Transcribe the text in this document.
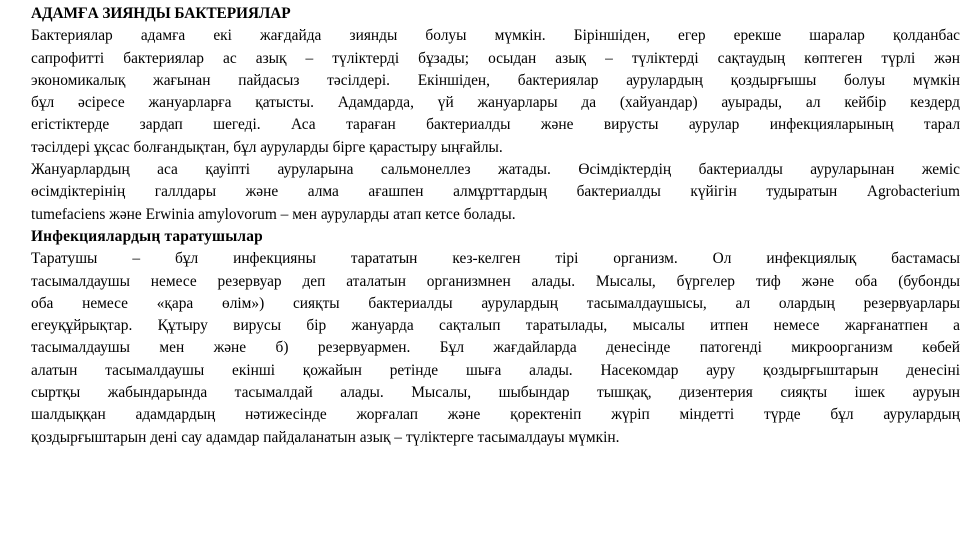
АДАМҒА ЗИЯНДЫ БАКТЕРИЯЛАР
Бактериялар адамға екі жағдайда зиянды болуы мүмкін. Біріншіден, егер ерекше шаралар қолданбас
сапрофитті бактериялар ас азық – түліктерді бұзады; осыдан азық – түліктерді сақтаудың көптеген түрлі жән
экономикалық жағынан пайдасыз тәсілдері. Екіншіден, бактериялар аурулардың қоздырғышы болуы мүмкін
бұл әсіресе жануарларға қатысты. Адамдарда, үй жануарлары да (хайуандар) ауырады, ал кейбір кездерд
егістіктерде зардап шегеді. Аса тараған бактериалды және вирусты аурулар инфекцияларының тарал
тәсілдері ұқсас болғандықтан, бұл ауруларды бірге қарастыру ыңғайлы.
Жануарлардың аса қауіпті ауруларына сальмонеллез жатады. Өсімдіктердің бактериалды ауруларынан жеміс
өсімдіктерінің галлдары және алма ағашпен алмұрттардың бактериалды күйігін тудыратын Agrobacterium
tumefaciens және Erwinia amylovorum – мен ауруларды атап кетсе болады.
Инфекциялардың таратушылар
Таратушы – бұл инфекцияны тарататын кез-келген тірі организм. Ол инфекциялық бастамасы
тасымалдаушы немесе резервуар деп аталатын организмнен алады. Мысалы, бүргелер тиф және оба (бубонды
оба немесе «қара өлім») сияқты бактериалды аурулардың тасымалдаушысы, ал олардың резервуарлары
егеуқұйрықтар. Құтыру вирусы бір жануарда сақталып таратылады, мысалы итпен немесе жарғанатпен а
тасымалдаушы мен және б) резервуармен. Бұл жағдайларда денесінде патогенді микроорганизм көбей
алатын тасымалдаушы екінші қожайын ретінде шыға алады. Насекомдар ауру қоздырғыштарын денесіні
сыртқы жабындарында тасымалдай алады. Мысалы, шыбындар тышқақ, дизентерия сияқты ішек ауруын
шалдыққан адамдардың нәтижесінде жорғалап және қоректеніп жүріп міндетті түрде бұл аурулардың
қоздырғыштарын дені сау адамдар пайдаланатын азық – түліктерге тасымалдауы мүмкін.
